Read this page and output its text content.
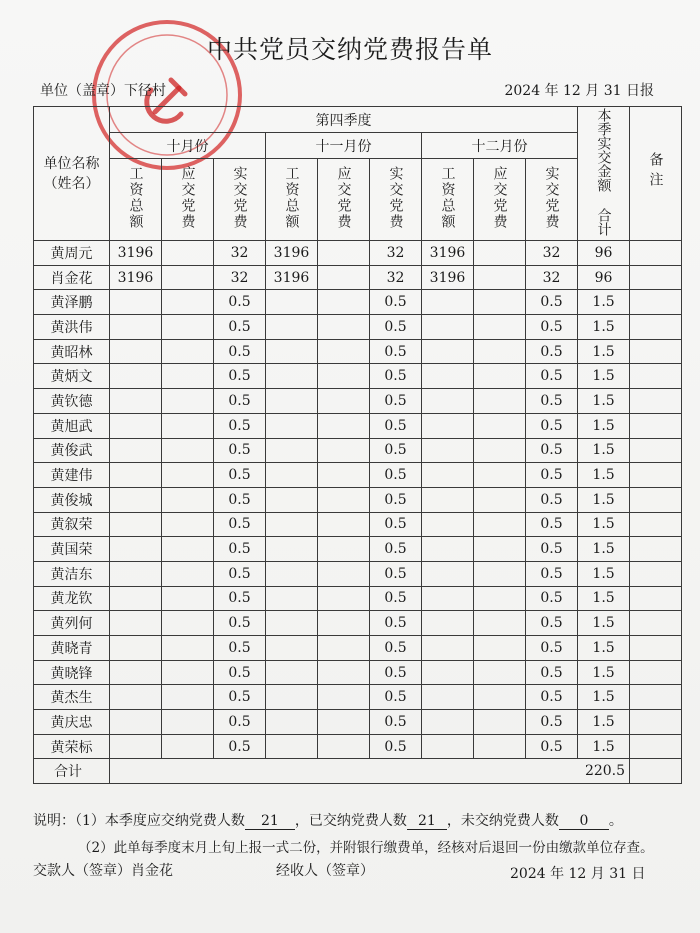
中共党员交纳党费报告单
单位（盖章）下径村	2024 年 12 月 31 日报
单位名称（姓名）	第四季度									本季实交金额 合计	备注
	十月份			十一月份			十二月份				
	工资总额	应交党费	实交党费	工资总额	应交党费	实交党费	工资总额	应交党费	实交党费		
黄周元	3196		32	3196		32	3196		32	96	
肖金花	3196		32	3196		32	3196		32	96	
黄泽鹏			0.5			0.5			0.5	1.5	
黄洪伟			0.5			0.5			0.5	1.5	
黄昭林			0.5			0.5			0.5	1.5	
黄炳文			0.5			0.5			0.5	1.5	
黄钦德			0.5			0.5			0.5	1.5	
黄旭武			0.5			0.5			0.5	1.5	
黄俊武			0.5			0.5			0.5	1.5	
黄建伟			0.5			0.5			0.5	1.5	
黄俊城			0.5			0.5			0.5	1.5	
黄叙荣			0.5			0.5			0.5	1.5	
黄国荣			0.5			0.5			0.5	1.5	
黄洁东			0.5			0.5			0.5	1.5	
黄龙钦			0.5			0.5			0.5	1.5	
黄列何			0.5			0.5			0.5	1.5	
黄晓青			0.5			0.5			0.5	1.5	
黄晓锋			0.5			0.5			0.5	1.5	
黄杰生			0.5			0.5			0.5	1.5	
黄庆忠			0.5			0.5			0.5	1.5	
黄荣标			0.5			0.5			0.5	1.5	
合计	220.5										
说明：（1）本季度应交纳党费人数 21 ，已交纳党费人数 21 ，未交纳党费人数 0 。
（2）此单每季度末月上旬上报一式二份，并附银行缴费单，经核对后退回一份由缴款单位存查。
交款人（签章）肖金花	经收人（签章）	2024 年 12 月 31 日
